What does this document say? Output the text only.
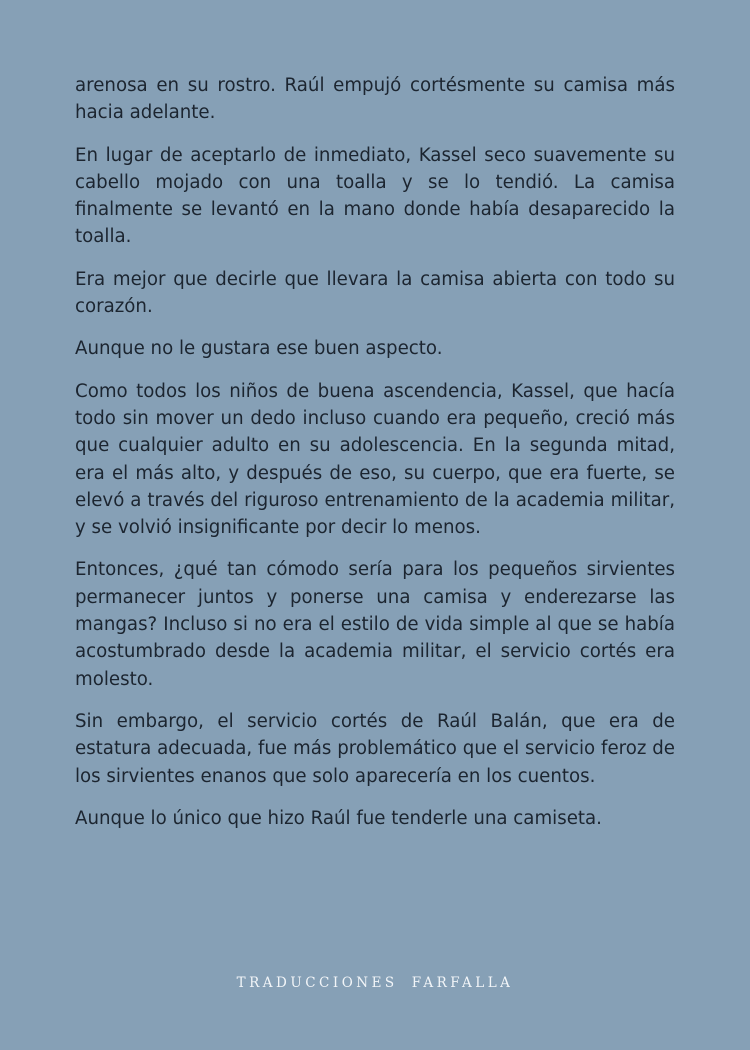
arenosa en su rostro. Raúl empujó cortésmente su camisa más hacia adelante.

En lugar de aceptarlo de inmediato, Kassel seco suavemente su cabello mojado con una toalla y se lo tendió. La camisa finalmente se levantó en la mano donde había desaparecido la toalla.

Era mejor que decirle que llevara la camisa abierta con todo su corazón.

Aunque no le gustara ese buen aspecto.

Como todos los niños de buena ascendencia, Kassel, que hacía todo sin mover un dedo incluso cuando era pequeño, creció más que cualquier adulto en su adolescencia. En la segunda mitad, era el más alto, y después de eso, su cuerpo, que era fuerte, se elevó a través del riguroso entrenamiento de la academia militar, y se volvió insignificante por decir lo menos.

Entonces, ¿qué tan cómodo sería para los pequeños sirvientes permanecer juntos y ponerse una camisa y enderezarse las mangas? Incluso si no era el estilo de vida simple al que se había acostumbrado desde la academia militar, el servicio cortés era molesto.

Sin embargo, el servicio cortés de Raúl Balán, que era de estatura adecuada, fue más problemático que el servicio feroz de los sirvientes enanos que solo aparecería en los cuentos.

Aunque lo único que hizo Raúl fue tenderle una camiseta.

TRADUCCIONES FARFALLA
